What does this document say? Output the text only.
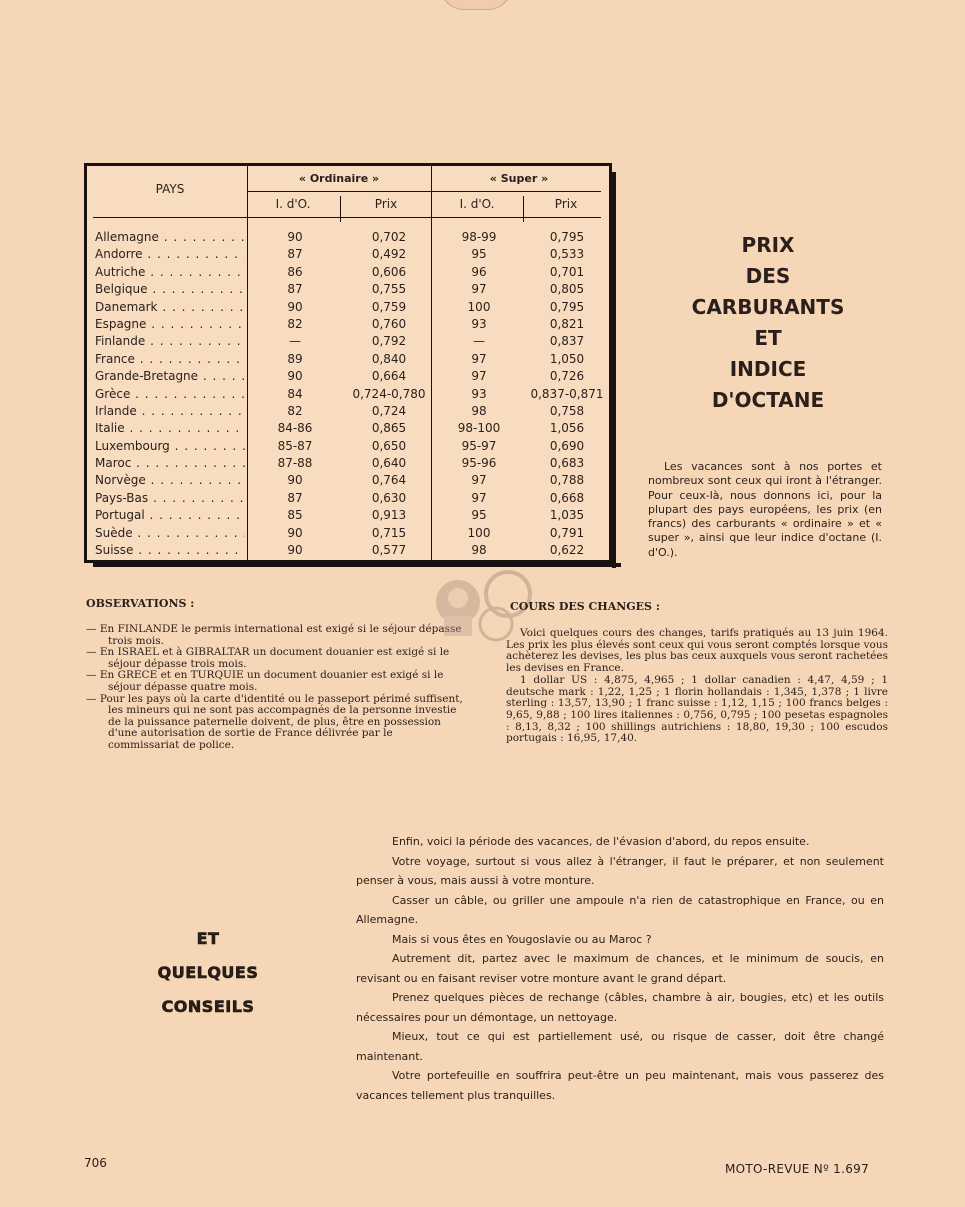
PAYS
« Ordinaire »	« Super »
I. d'O.	Prix	I. d'O.	Prix
Allemagne . . .	90	0,702	98-99	0,795
Andorre . . .	87	0,492	95	0,533
Autriche . . .	86	0,606	96	0,701
Belgique . . .	87	0,755	97	0,805
Danemark . . .	90	0,759	100	0,795
Espagne . . .	82	0,760	93	0,821
Finlande . . .	—	0,792	—	0,837
France . . .	89	0,840	97	1,050
Grande-Bretagne . . .	90	0,664	97	0,726
Grèce . . .	84	0,724-0,780	93	0,837-0,871
Irlande . . .	82	0,724	98	0,758
Italie . . .	84-86	0,865	98-100	1,056
Luxembourg . . .	85-87	0,650	95-97	0,690
Maroc . . .	87-88	0,640	95-96	0,683
Norvège . . .	90	0,764	97	0,788
Pays-Bas . . .	87	0,630	97	0,668
Portugal . . .	85	0,913	95	1,035
Suède . . .	90	0,715	100	0,791
Suisse . . .	90	0,577	98	0,622
PRIX
DES
CARBURANTS
ET
INDICE
D'OCTANE
Les vacances sont à nos portes et nombreux sont ceux qui iront à l'étranger. Pour ceux-là, nous donnons ici, pour la plupart des pays européens, les prix (en francs) des carburants « ordinaire » et « super », ainsi que leur indice d'octane (I. d'O.).
OBSERVATIONS :

— En FINLANDE le permis international est exigé si le séjour dépasse trois mois.

— En ISRAEL et à GIBRALTAR un document douanier est exigé si le séjour dépasse trois mois.

— En GRECE et en TURQUIE un document douanier est exigé si le séjour dépasse quatre mois.

— Pour les pays où la carte d'identité ou le passeport périmé suffisent, les mineurs qui ne sont pas accompagnés de la personne investie de la puissance paternelle doivent, de plus, être en possession d'une autorisation de sortie de France délivrée par le commissariat de police.

COURS DES CHANGES :

Voici quelques cours des changes, tarifs pratiqués au 13 juin 1964. Les prix les plus élevés sont ceux qui vous seront comptés lorsque vous achèterez les devises, les plus bas ceux auxquels vous seront rachetées les devises en France.

1 dollar US : 4,875, 4,965 ; 1 dollar canadien : 4,47, 4,59 ; 1 deutsche mark : 1,22, 1,25 ; 1 florin hollandais : 1,345, 1,378 ; 1 livre sterling : 13,57, 13,90 ; 1 franc suisse : 1,12, 1,15 ; 100 francs belges : 9,65, 9,88 ; 100 lires italiennes : 0,756, 0,795 ; 100 pesetas espagnoles : 8,13, 8,32 ; 100 shillings autrichiens : 18,80, 19,30 ; 100 escudos portugais : 16,95, 17,40.

ET
QUELQUES
CONSEILS

Enfin, voici la période des vacances, de l'évasion d'abord, du repos ensuite.

Votre voyage, surtout si vous allez à l'étranger, il faut le préparer, et non seulement penser à vous, mais aussi à votre monture.

Casser un câble, ou griller une ampoule n'a rien de catastrophique en France, ou en Allemagne.

Mais si vous êtes en Yougoslavie ou au Maroc ?

Autrement dit, partez avec le maximum de chances, et le minimum de soucis, en revisant ou en faisant reviser votre monture avant le grand départ.

Prenez quelques pièces de rechange (câbles, chambre à air, bougies, etc) et les outils nécessaires pour un démontage, un nettoyage.

Mieux, tout ce qui est partiellement usé, ou risque de casser, doit être changé maintenant.

Votre portefeuille en souffrira peut-être un peu maintenant, mais vous passerez des vacances tellement plus tranquilles.

706	MOTO-REVUE Nº 1.697
